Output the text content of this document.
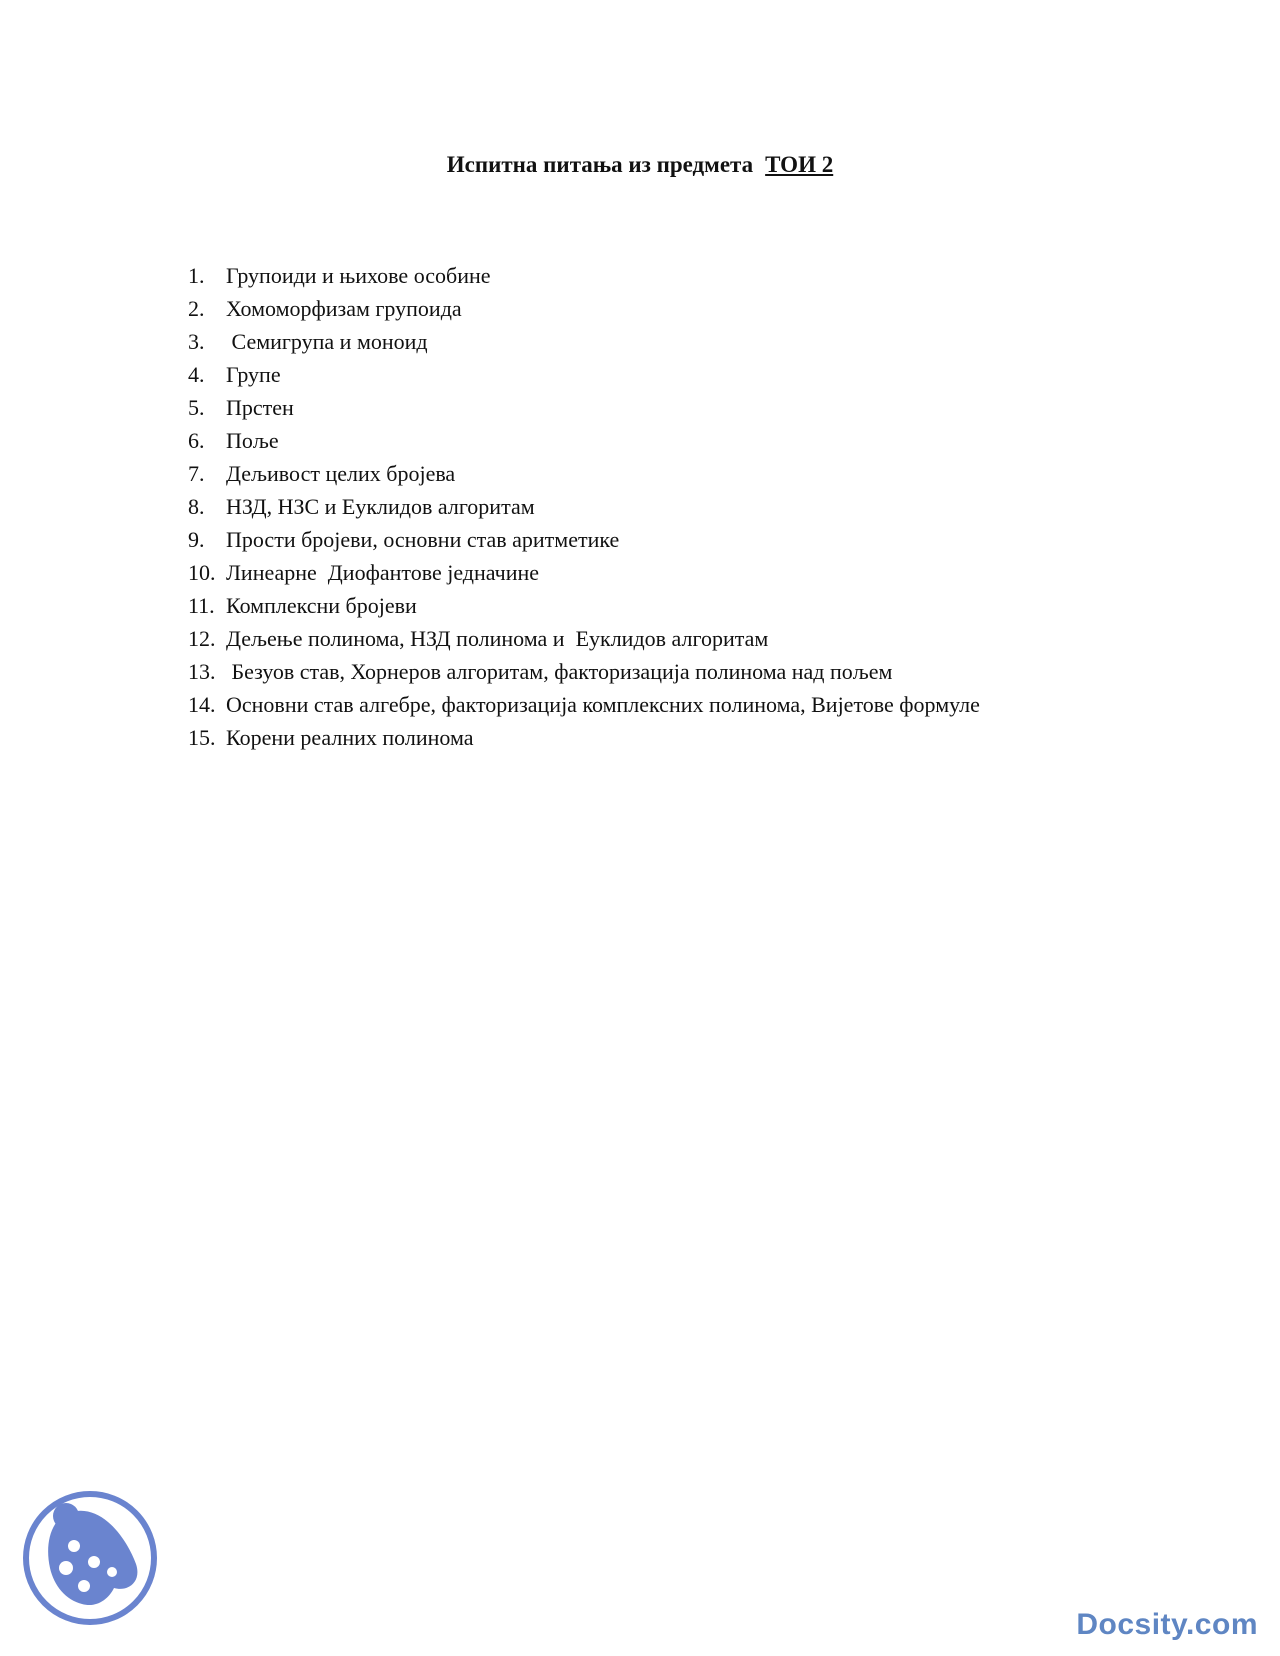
Испитна питања из предмета ТОИ 2
1. Групоиди и њихове особине
2. Хомоморфизам групоида
3. Семигрупа и моноид
4. Групе
5. Прстен
6. Поље
7. Дељивост целих бројева
8. НЗД, НЗС и Еуклидов алгоритам
9. Прости бројеви, основни став аритметике
10. Линеарне  Диофантове једначине
11. Комплексни бројеви
12. Дељење полинома, НЗД полинома и  Еуклидов алгоритам
13. Безуов став, Хорнеров алгоритам, факторизација полинома над пољем
14. Основни став алгебре, факторизација комплексних полинома, Вијетове формуле
15. Корени реалних полинома
Docsity.com
